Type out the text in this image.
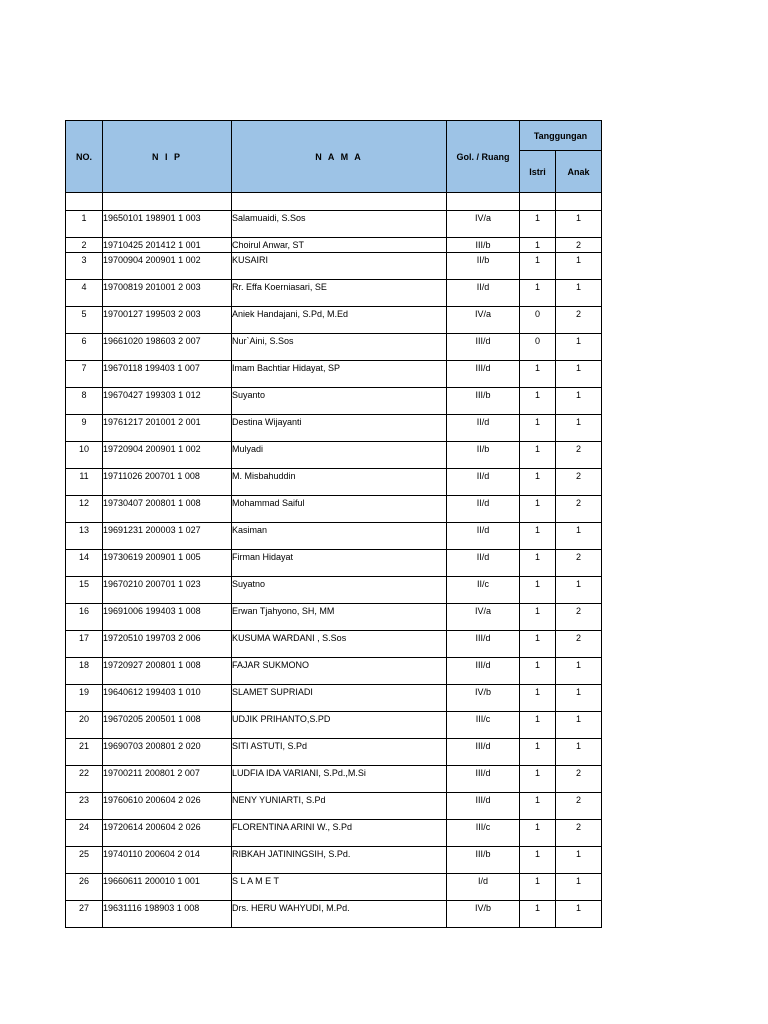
NO.	N I P	N A M A	Gol. / Ruang	Tanggungan	
				Istri	Anak

1	19650101 198901 1 003	Salamuaidi, S.Sos	IV/a	1	1
2	19710425 201412 1 001	Choirul Anwar, ST	III/b	1	2
3	19700904 200901 1 002	KUSAIRI	II/b	1	1
4	19700819 201001 2 003	Rr. Effa Koerniasari, SE	II/d	1	1
5	19700127 199503 2 003	Aniek Handajani, S.Pd, M.Ed	IV/a	0	2
6	19661020 198603 2 007	Nur`Aini, S.Sos	III/d	0	1
7	19670118 199403 1 007	Imam Bachtiar Hidayat, SP	III/d	1	1
8	19670427 199303 1 012	Suyanto	III/b	1	1
9	19761217 201001 2 001	Destina Wijayanti	II/d	1	1
10	19720904 200901 1 002	Mulyadi	II/b	1	2
11	19711026 200701 1 008	M. Misbahuddin	II/d	1	2
12	19730407 200801 1 008	Mohammad Saiful	II/d	1	2
13	19691231 200003 1 027	Kasiman	II/d	1	1
14	19730619 200901 1 005	Firman Hidayat	II/d	1	2
15	19670210 200701 1 023	Suyatno	II/c	1	1
16	19691006 199403 1 008	Erwan Tjahyono, SH, MM	IV/a	1	2
17	19720510 199703 2 006	KUSUMA WARDANI , S.Sos	III/d	1	2
18	19720927 200801 1 008	FAJAR SUKMONO	III/d	1	1
19	19640612 199403 1 010	SLAMET SUPRIADI	IV/b	1	1
20	19670205 200501 1 008	UDJIK PRIHANTO,S.PD	III/c	1	1
21	19690703 200801 2 020	SITI ASTUTI, S.Pd	III/d	1	1
22	19700211 200801 2 007	LUDFIA IDA VARIANI, S.Pd.,M.Si	III/d	1	2
23	19760610 200604 2 026	NENY YUNIARTI, S.Pd	III/d	1	2
24	19720614 200604 2 026	FLORENTINA ARINI W., S.Pd	III/c	1	2
25	19740110 200604 2 014	RIBKAH JATININGSIH, S.Pd.	III/b	1	1
26	19660611 200010 1 001	S L A M E T	I/d	1	1
27	19631116 198903 1 008	Drs. HERU WAHYUDI, M.Pd.	IV/b	1	1
